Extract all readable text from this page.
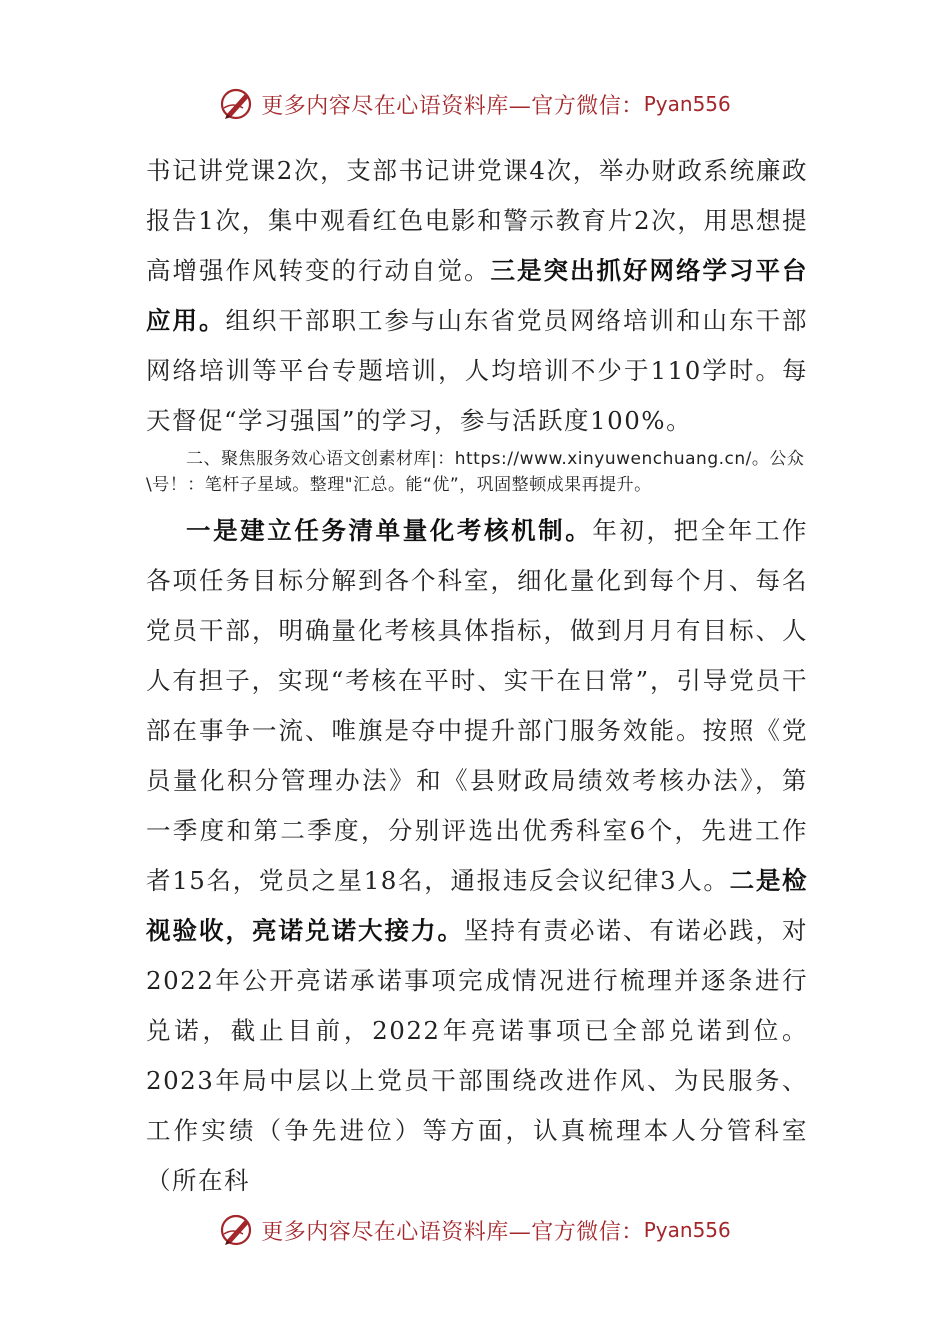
更多内容尽在心语资料库—官方微信： Pyan556

书记讲党课2次，支部书记讲党课4次，举办财政系统廉政报告1次，集中观看红色电影和警示教育片2次，用思想提高增强作风转变的行动自觉。三是突出抓好网络学习平台应用。组织干部职工参与山东省党员网络培训和山东干部网络培训等平台专题培训，人均培训不少于110学时。每天督促“学习强国”的学习，参与活跃度100%。

二、聚焦服务效心语文创素材库|：https://www.xinyuwenchuang.cn/。公众
\号！：笔杆子星域。整理"汇总。能“优”，巩固整顿成果再提升。

一是建立任务清单量化考核机制。年初，把全年工作各项任务目标分解到各个科室，细化量化到每个月、每名党员干部，明确量化考核具体指标，做到月月有目标、人人有担子，实现“考核在平时、实干在日常”，引导党员干部在事争一流、唯旗是夺中提升部门服务效能。按照《党员量化积分管理办法》和《县财政局绩效考核办法》，第一季度和第二季度，分别评选出优秀科室6个，先进工作者15名，党员之星18名，通报违反会议纪律3人。二是检视验收，亮诺兑诺大接力。坚持有责必诺、有诺必践，对2022年公开亮诺承诺事项完成情况进行梳理并逐条进行兑诺，截止目前，2022年亮诺事项已全部兑诺到位。2023年局中层以上党员干部围绕改进作风、为民服务、工作实绩（争先进位）等方面，认真梳理本人分管科室（所在科

更多内容尽在心语资料库—官方微信： Pyan556
